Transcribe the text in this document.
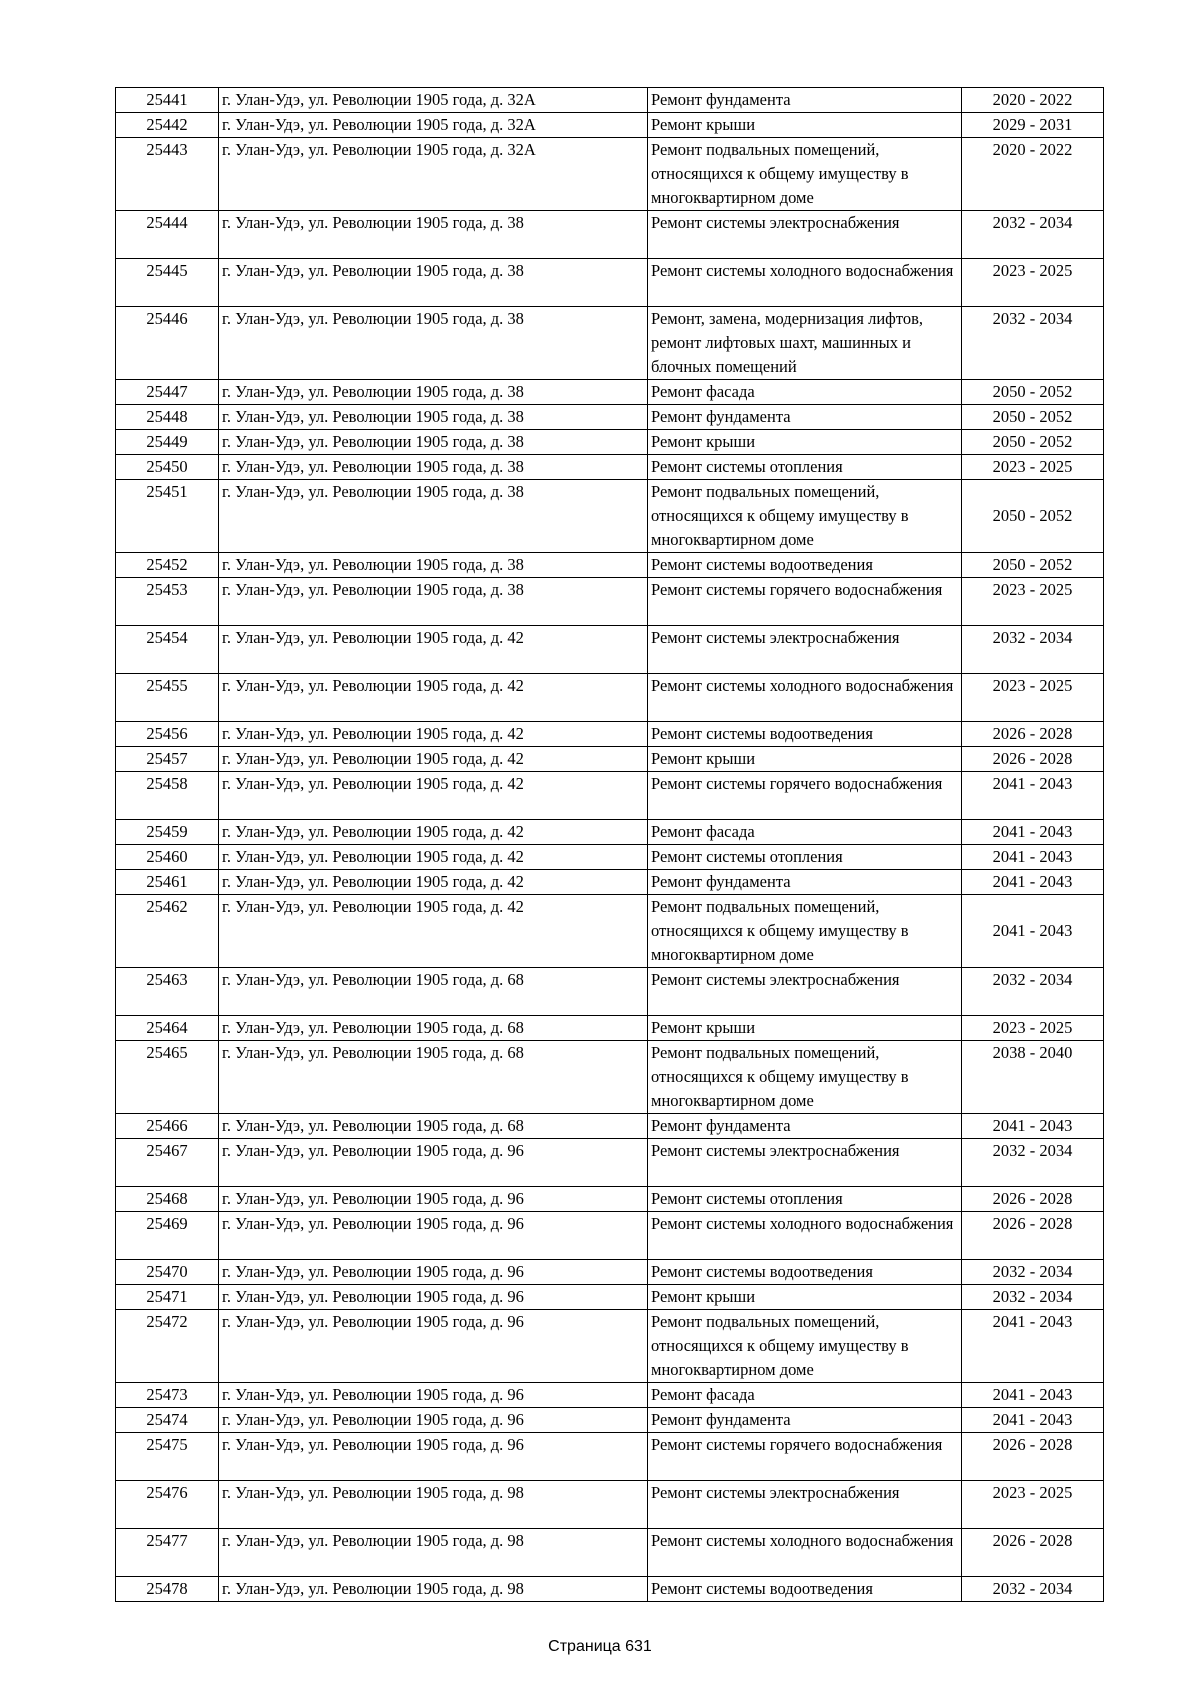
25441	г. Улан-Удэ, ул. Революции 1905 года, д. 32А	Ремонт фундамента	2020 - 2022
25442	г. Улан-Удэ, ул. Революции 1905 года, д. 32А	Ремонт крыши	2029 - 2031
25443	г. Улан-Удэ, ул. Революции 1905 года, д. 32А	Ремонт подвальных помещений, относящихся к общему имуществу в многоквартирном доме	2020 - 2022
25444	г. Улан-Удэ, ул. Революции 1905 года, д. 38	Ремонт системы электроснабжения	2032 - 2034
25445	г. Улан-Удэ, ул. Революции 1905 года, д. 38	Ремонт системы холодного водоснабжения	2023 - 2025
25446	г. Улан-Удэ, ул. Революции 1905 года, д. 38	Ремонт, замена, модернизация лифтов, ремонт лифтовых шахт, машинных и блочных помещений	2032 - 2034
25447	г. Улан-Удэ, ул. Революции 1905 года, д. 38	Ремонт фасада	2050 - 2052
25448	г. Улан-Удэ, ул. Революции 1905 года, д. 38	Ремонт фундамента	2050 - 2052
25449	г. Улан-Удэ, ул. Революции 1905 года, д. 38	Ремонт крыши	2050 - 2052
25450	г. Улан-Удэ, ул. Революции 1905 года, д. 38	Ремонт системы отопления	2023 - 2025
25451	г. Улан-Удэ, ул. Революции 1905 года, д. 38	Ремонт подвальных помещений, относящихся к общему имуществу в многоквартирном доме	2050 - 2052
25452	г. Улан-Удэ, ул. Революции 1905 года, д. 38	Ремонт системы водоотведения	2050 - 2052
25453	г. Улан-Удэ, ул. Революции 1905 года, д. 38	Ремонт системы горячего водоснабжения	2023 - 2025
25454	г. Улан-Удэ, ул. Революции 1905 года, д. 42	Ремонт системы электроснабжения	2032 - 2034
25455	г. Улан-Удэ, ул. Революции 1905 года, д. 42	Ремонт системы холодного водоснабжения	2023 - 2025
25456	г. Улан-Удэ, ул. Революции 1905 года, д. 42	Ремонт системы водоотведения	2026 - 2028
25457	г. Улан-Удэ, ул. Революции 1905 года, д. 42	Ремонт крыши	2026 - 2028
25458	г. Улан-Удэ, ул. Революции 1905 года, д. 42	Ремонт системы горячего водоснабжения	2041 - 2043
25459	г. Улан-Удэ, ул. Революции 1905 года, д. 42	Ремонт фасада	2041 - 2043
25460	г. Улан-Удэ, ул. Революции 1905 года, д. 42	Ремонт системы отопления	2041 - 2043
25461	г. Улан-Удэ, ул. Революции 1905 года, д. 42	Ремонт фундамента	2041 - 2043
25462	г. Улан-Удэ, ул. Революции 1905 года, д. 42	Ремонт подвальных помещений, относящихся к общему имуществу в многоквартирном доме	2041 - 2043
25463	г. Улан-Удэ, ул. Революции 1905 года, д. 68	Ремонт системы электроснабжения	2032 - 2034
25464	г. Улан-Удэ, ул. Революции 1905 года, д. 68	Ремонт крыши	2023 - 2025
25465	г. Улан-Удэ, ул. Революции 1905 года, д. 68	Ремонт подвальных помещений, относящихся к общему имуществу в многоквартирном доме	2038 - 2040
25466	г. Улан-Удэ, ул. Революции 1905 года, д. 68	Ремонт фундамента	2041 - 2043
25467	г. Улан-Удэ, ул. Революции 1905 года, д. 96	Ремонт системы электроснабжения	2032 - 2034
25468	г. Улан-Удэ, ул. Революции 1905 года, д. 96	Ремонт системы отопления	2026 - 2028
25469	г. Улан-Удэ, ул. Революции 1905 года, д. 96	Ремонт системы холодного водоснабжения	2026 - 2028
25470	г. Улан-Удэ, ул. Революции 1905 года, д. 96	Ремонт системы водоотведения	2032 - 2034
25471	г. Улан-Удэ, ул. Революции 1905 года, д. 96	Ремонт крыши	2032 - 2034
25472	г. Улан-Удэ, ул. Революции 1905 года, д. 96	Ремонт подвальных помещений, относящихся к общему имуществу в многоквартирном доме	2041 - 2043
25473	г. Улан-Удэ, ул. Революции 1905 года, д. 96	Ремонт фасада	2041 - 2043
25474	г. Улан-Удэ, ул. Революции 1905 года, д. 96	Ремонт фундамента	2041 - 2043
25475	г. Улан-Удэ, ул. Революции 1905 года, д. 96	Ремонт системы горячего водоснабжения	2026 - 2028
25476	г. Улан-Удэ, ул. Революции 1905 года, д. 98	Ремонт системы электроснабжения	2023 - 2025
25477	г. Улан-Удэ, ул. Революции 1905 года, д. 98	Ремонт системы холодного водоснабжения	2026 - 2028
25478	г. Улан-Удэ, ул. Революции 1905 года, д. 98	Ремонт системы водоотведения	2032 - 2034
Страница 631
